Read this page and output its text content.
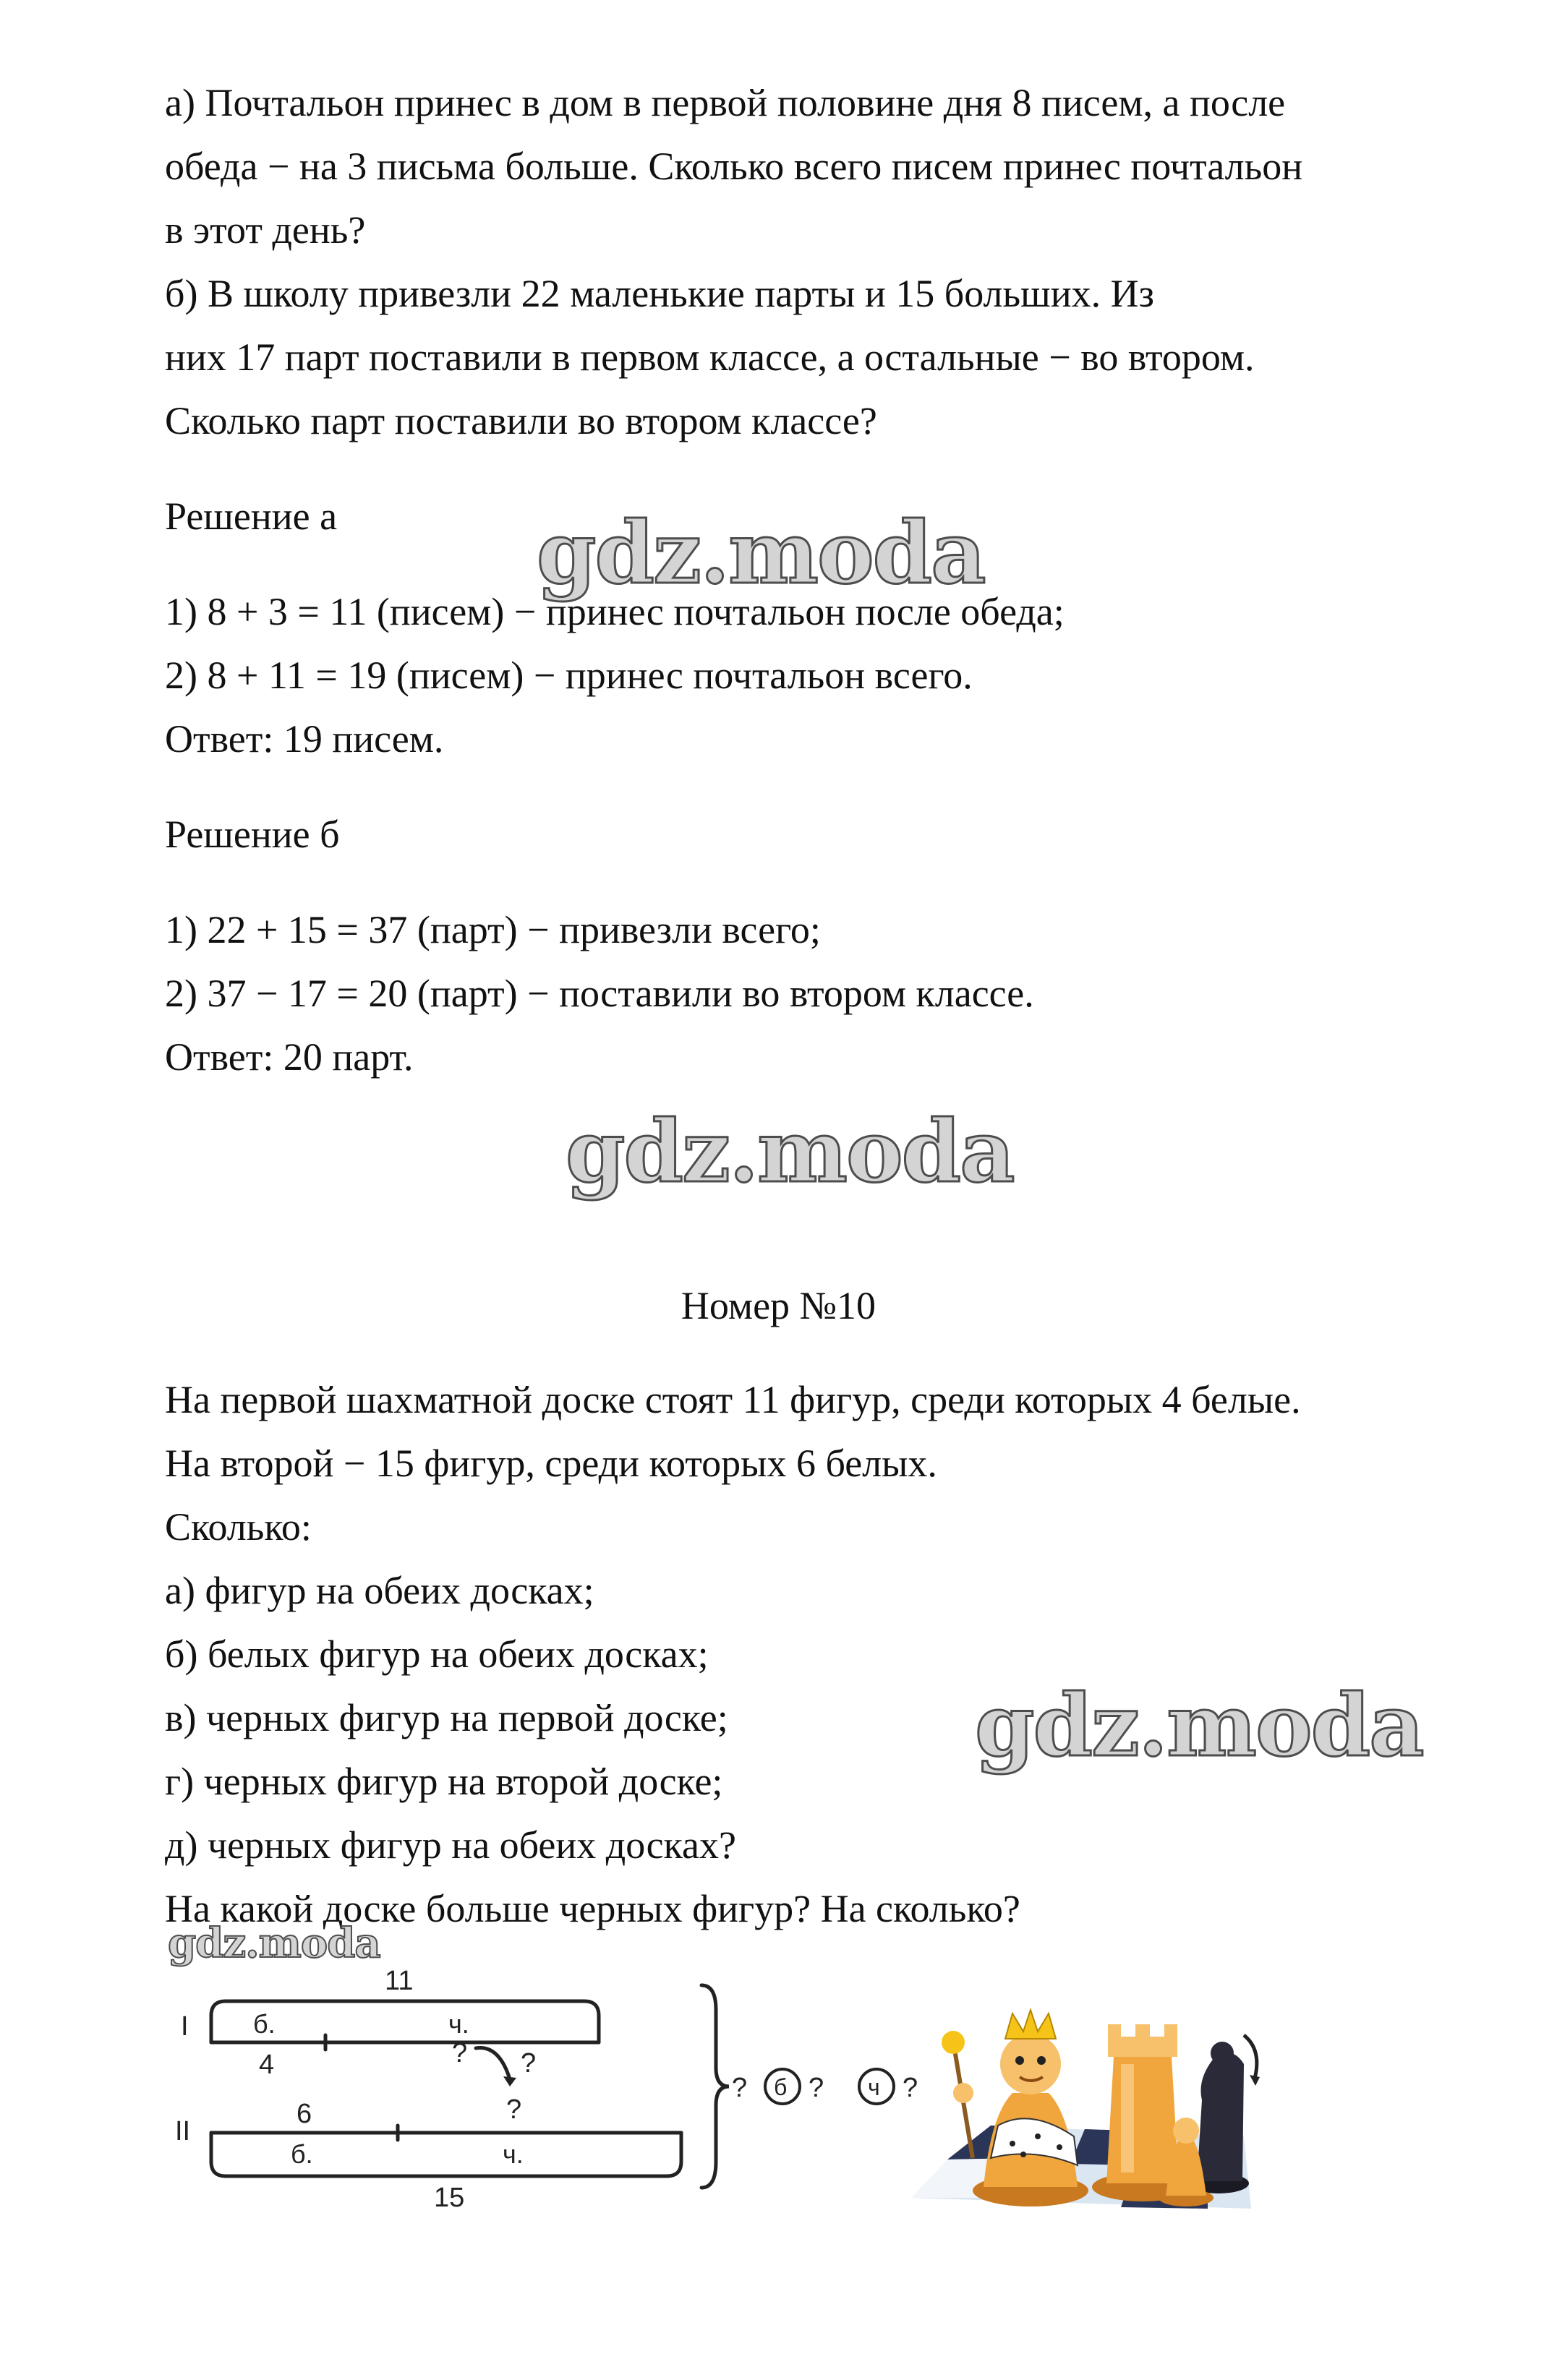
а) Почтальон принес в дом в первой половине дня 8 писем, а после
обеда − на 3 письма больше. Сколько всего писем принес почтальон
в этот день?
б) В школу привезли 22 маленькие парты и 15 больших. Из
них 17 парт поставили в первом классе, а остальные − во втором.
Сколько парт поставили во втором классе?
Решение а gdz.moda
1) 8 + 3 = 11 (писем) − принес почтальон после обеда;
2) 8 + 11 = 19 (писем) − принес почтальон всего.
Ответ: 19 писем.
Решение б
1) 22 + 15 = 37 (парт) − привезли всего;
2) 37 − 17 = 20 (парт) − поставили во втором классе.
Ответ: 20 парт.
gdz.moda
Номер №10
На первой шахматной доске стоят 11 фигур, среди которых 4 белые.
На второй − 15 фигур, среди которых 6 белых.
Сколько:
а) фигур на обеих досках;
б) белых фигур на обеих досках;
в) черных фигур на первой доске;
г) черных фигур на второй доске;
д) черных фигур на обеих досках?
На какой доске больше черных фигур? На сколько?
gdz.moda
gdz.moda
I
II
11
б.	ч.
4	? ?
6	?
б.	ч.
15
? б ? ч ?
